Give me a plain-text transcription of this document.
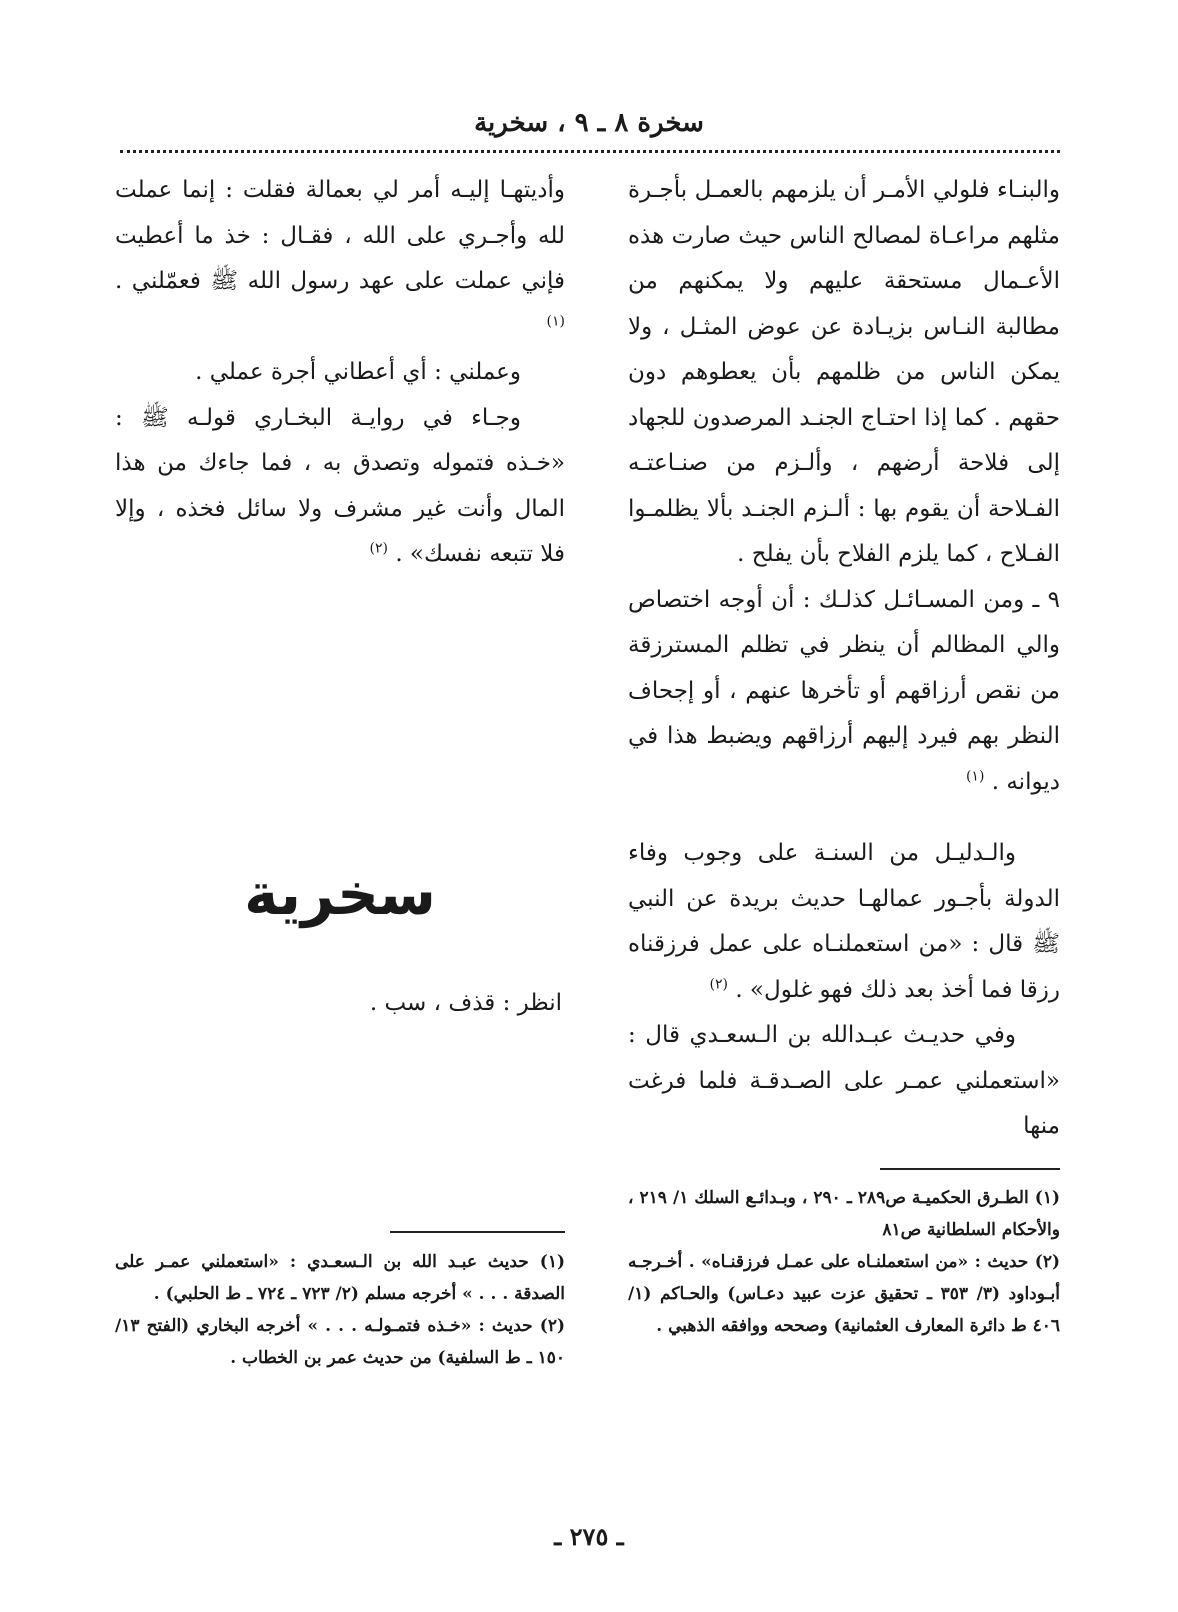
سخرة ٨ ـ ٩ ، سخرية

والبنـاء فلولي الأمـر أن يلزمهم بالعمـل بأجـرة مثلهم مراعـاة لمصالح الناس حيث صارت هذه الأعـمال مستحقة عليهم ولا يمكنهم من مطالبة النـاس بزيـادة عن عوض المثـل ، ولا يمكن الناس من ظلمهم بأن يعطوهم دون حقهم . كما إذا احتـاج الجنـد المرصدون للجهاد إلى فلاحة أرضهم ، وألـزم من صنـاعتـه الفـلاحة أن يقوم بها : ألـزم الجنـد بألا يظلمـوا الفـلاح ، كما يلزم الفلاح بأن يفلح .

٩ ـ ومن المسـائـل كذلـك : أن أوجه اختصاص والي المظالم أن ينظر في تظلم المسترزقة من نقص أرزاقهم أو تأخرها عنهم ، أو إجحاف النظر بهم فيرد إليهم أرزاقهم ويضبط هذا في ديوانه . $^{(١)}$

والـدليـل من السنـة على وجوب وفاء الدولة بأجـور عمالهـا حديث بريدة عن النبي ﷺ قال : «من استعملنـاه على عمل فرزقناه رزقا فما أخذ بعد ذلك فهو غلول» . $^{(٢)}$

وفي حديـث عبـدالله بن الـسعـدي قال : «استعملني عمـر على الصـدقـة فلما فرغت منها

وأديتهـا إليـه أمر لي بعمالة فقلت : إنما عملت لله وأجـري على الله ، فقـال : خذ ما أعطيت فإني عملت على عهد رسول الله ﷺ فعمّلني . $^{(١)}$

وعملني : أي أعطاني أجرة عملي .

وجـاء في روايـة البخـاري قولـه ﷺ : «خـذه فتموله وتصدق به ، فما جاءك من هذا المال وأنت غير مشرف ولا سائل فخذه ، وإلا فلا تتبعه نفسك» . $^{(٢)}$

سخرية
انظر : قذف ، سب .

(١) الطـرق الحكميـة ص٢٨٩ ـ ٢٩٠ ، وبـدائـع السلك ١/ ٢١٩ ، والأحكام السلطانية ص٨١

(٢) حديث : «من استعملنـاه على عمـل فرزقنـاه» . أخـرجـه أبـوداود (٣/ ٣٥٣ ـ تحقيق عزت عبيد دعـاس) والحـاكم (١/ ٤٠٦ ط دائرة المعارف العثمانية) وصححه ووافقه الذهبي .

(١) حديث عبـد الله بن الـسعـدي : «استعملني عمـر على الصدقة . . . » أخرجه مسلم (٢/ ٧٢٣ ـ ٧٢٤ ـ ط الحلبي) .

(٢) حديث : «خـذه فتمـولـه . . . » أخرجه البخاري (الفتح ١٣/ ١٥٠ ـ ط السلفية) من حديث عمر بن الخطاب .

ـ ٢٧٥ ـ
